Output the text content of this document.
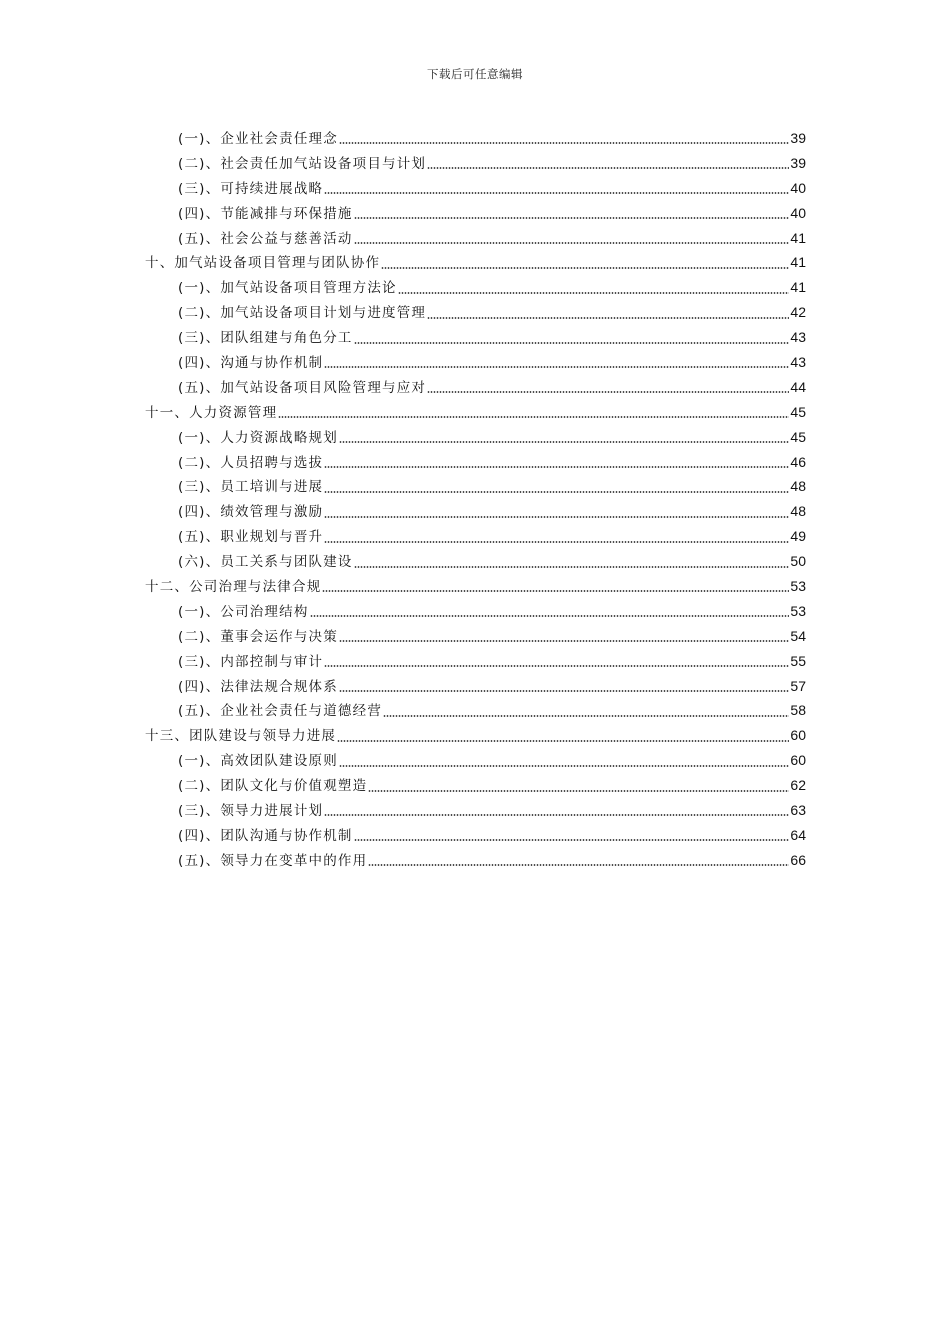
下载后可任意编辑
(一)、企业社会责任理念	39
(二)、社会责任加气站设备项目与计划	39
(三)、可持续进展战略	40
(四)、节能减排与环保措施	40
(五)、社会公益与慈善活动	41
十、加气站设备项目管理与团队协作	41
(一)、加气站设备项目管理方法论	41
(二)、加气站设备项目计划与进度管理	42
(三)、团队组建与角色分工	43
(四)、沟通与协作机制	43
(五)、加气站设备项目风险管理与应对	44
十一、人力资源管理	45
(一)、人力资源战略规划	45
(二)、人员招聘与选拔	46
(三)、员工培训与进展	48
(四)、绩效管理与激励	48
(五)、职业规划与晋升	49
(六)、员工关系与团队建设	50
十二、公司治理与法律合规	53
(一)、公司治理结构	53
(二)、董事会运作与决策	54
(三)、内部控制与审计	55
(四)、法律法规合规体系	57
(五)、企业社会责任与道德经营	58
十三、团队建设与领导力进展	60
(一)、高效团队建设原则	60
(二)、团队文化与价值观塑造	62
(三)、领导力进展计划	63
(四)、团队沟通与协作机制	64
(五)、领导力在变革中的作用	66
